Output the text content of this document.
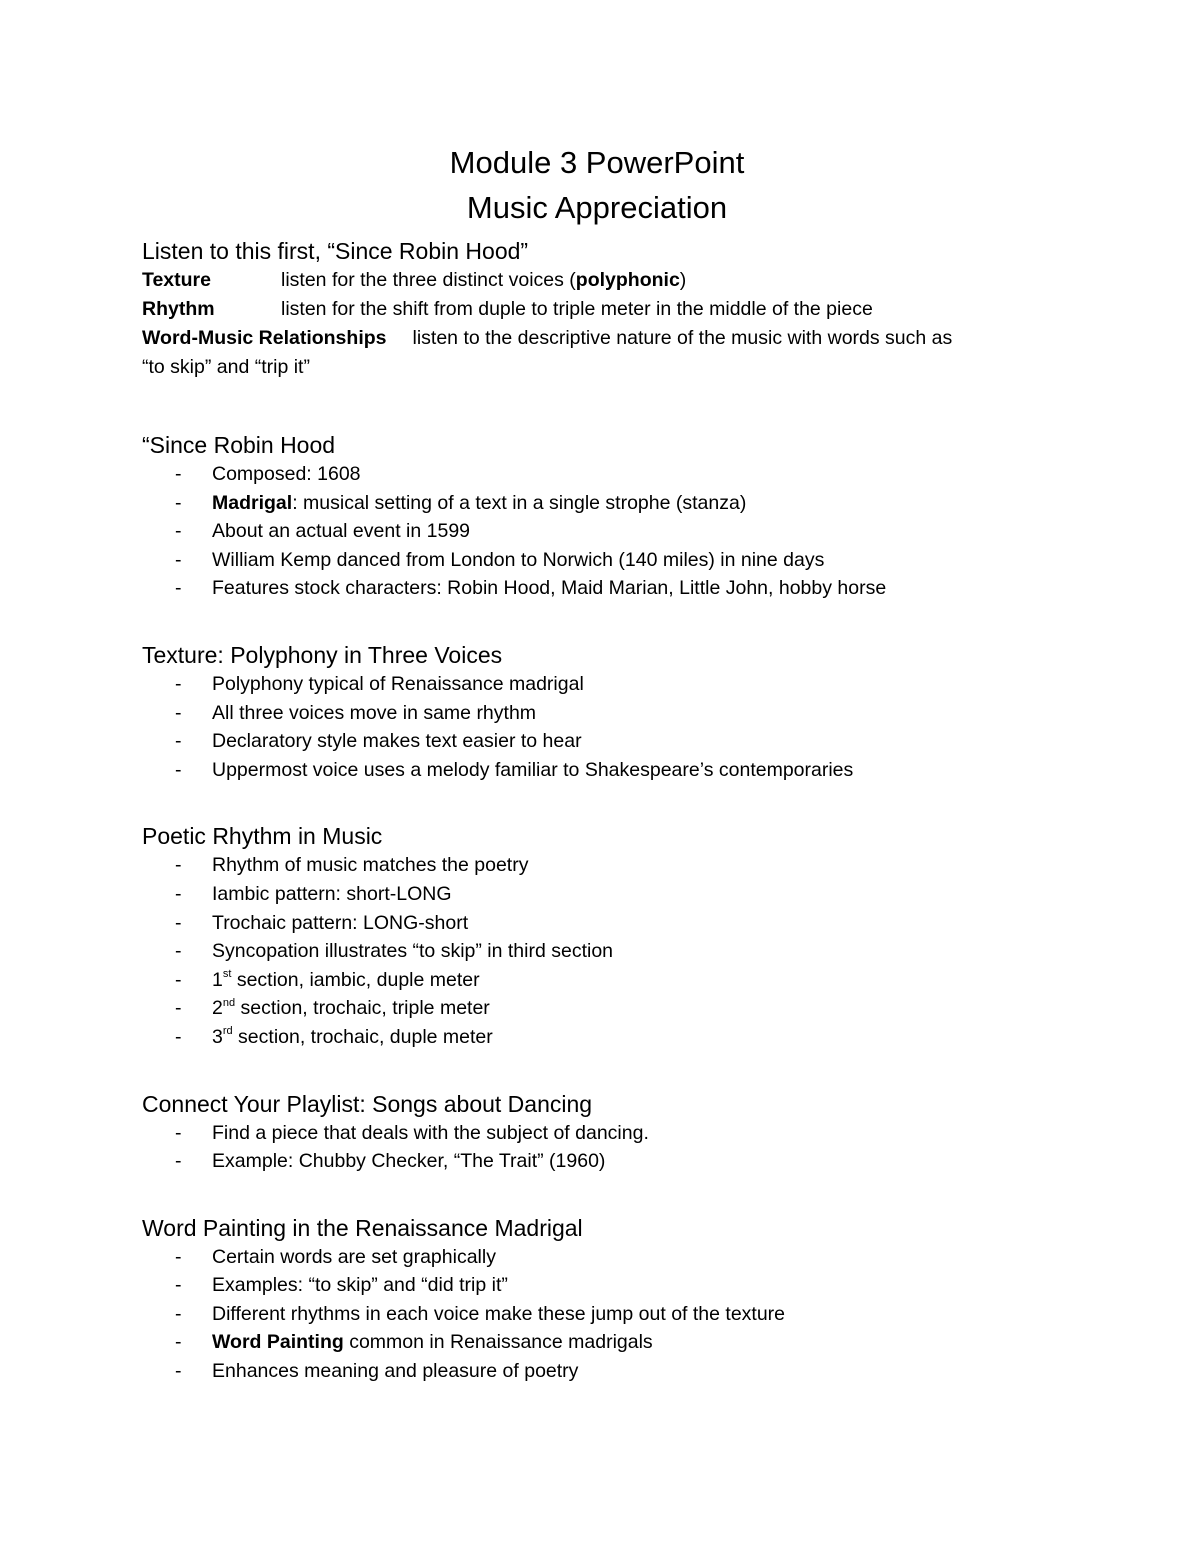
Module 3 PowerPoint
Music Appreciation
Listen to this first, “Since Robin Hood”
Texture	listen for the three distinct voices (polyphonic)
Rhythm	listen for the shift from duple to triple meter in the middle of the piece
Word-Music Relationships listen to the descriptive nature of the music with words such as
“to skip” and “trip it”
“Since Robin Hood
- Composed: 1608
- Madrigal: musical setting of a text in a single strophe (stanza)
- About an actual event in 1599
- William Kemp danced from London to Norwich (140 miles) in nine days
- Features stock characters: Robin Hood, Maid Marian, Little John, hobby horse
Texture: Polyphony in Three Voices
- Polyphony typical of Renaissance madrigal
- All three voices move in same rhythm
- Declaratory style makes text easier to hear
- Uppermost voice uses a melody familiar to Shakespeare’s contemporaries
Poetic Rhythm in Music
- Rhythm of music matches the poetry
- Iambic pattern: short-LONG
- Trochaic pattern: LONG-short
- Syncopation illustrates “to skip” in third section
- 1st section, iambic, duple meter
- 2nd section, trochaic, triple meter
- 3rd section, trochaic, duple meter
Connect Your Playlist: Songs about Dancing
- Find a piece that deals with the subject of dancing.
- Example: Chubby Checker, “The Trait” (1960)
Word Painting in the Renaissance Madrigal
- Certain words are set graphically
- Examples: “to skip” and “did trip it”
- Different rhythms in each voice make these jump out of the texture
- Word Painting common in Renaissance madrigals
- Enhances meaning and pleasure of poetry
